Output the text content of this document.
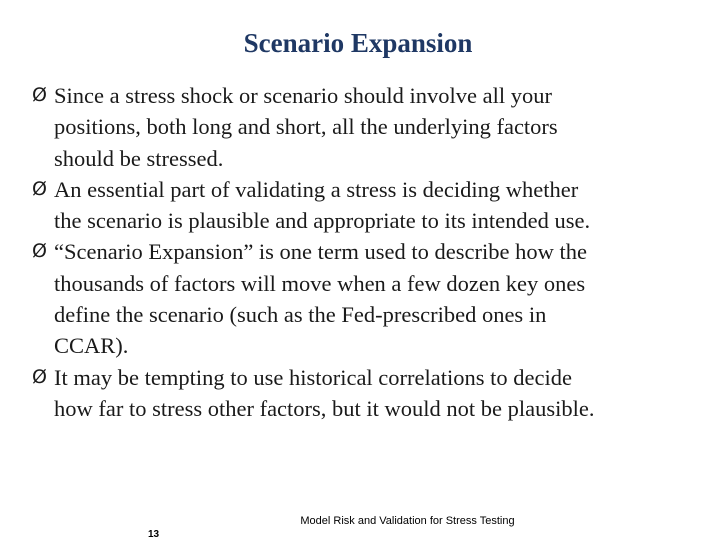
Scenario Expansion
Ø Since a stress shock or scenario should involve all your
positions, both long and short, all the underlying factors
should be stressed.
Ø An essential part of validating a stress is deciding whether
the scenario is plausible and appropriate to its intended use.
Ø “Scenario Expansion” is one term used to describe how the
thousands of factors will move when a few dozen key ones
define the scenario (such as the Fed-prescribed ones in
CCAR).
Ø It may be tempting to use historical correlations to decide
how far to stress other factors, but it would not be plausible.
Model Risk and Validation for Stress Testing
13
